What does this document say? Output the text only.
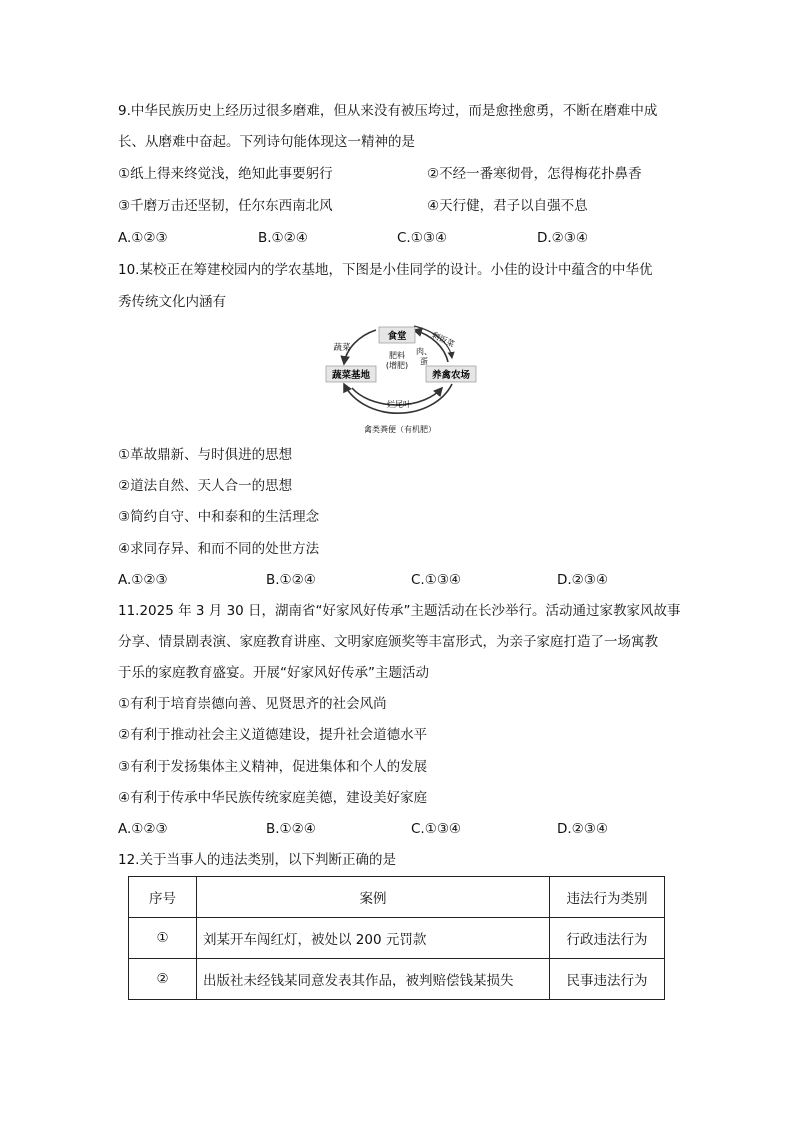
9.中华民族历史上经历过很多磨难，但从来没有被压垮过，而是愈挫愈勇，不断在磨难中成
长、从磨难中奋起。下列诗句能体现这一精神的是
①纸上得来终觉浅，绝知此事要躬行	②不经一番寒彻骨，怎得梅花扑鼻香
③千磨万击还坚韧，任尔东西南北风	④天行健，君子以自强不息
A.①②③	B.①②④	C.①③④	D.②③④
10.某校正在筹建校园内的学农基地，下图是小佳同学的设计。小佳的设计中蕴含的中华优
秀传统文化内涵有
食堂
蔬菜基地	养禽农场
蔬菜	剩饭菜
肉、
蛋
肥料
(增肥)
烂尾叶
禽类粪便（有机肥）
①革故鼎新、与时俱进的思想
②道法自然、天人合一的思想
③简约自守、中和泰和的生活理念
④求同存异、和而不同的处世方法
A.①②③	B.①②④	C.①③④	D.②③④
11.2025 年 3 月 30 日，湖南省“好家风好传承”主题活动在长沙举行。活动通过家教家风故事
分享、情景剧表演、家庭教育讲座、文明家庭颁奖等丰富形式，为亲子家庭打造了一场寓教
于乐的家庭教育盛宴。开展“好家风好传承”主题活动
①有利于培育崇德向善、见贤思齐的社会风尚
②有利于推动社会主义道德建设，提升社会道德水平
③有利于发扬集体主义精神，促进集体和个人的发展
④有利于传承中华民族传统家庭美德，建设美好家庭
A.①②③	B.①②④	C.①③④	D.②③④
12.关于当事人的违法类别，以下判断正确的是
序号	案例	违法行为类别
①	刘某开车闯红灯，被处以 200 元罚款	行政违法行为
②	出版社未经钱某同意发表其作品，被判赔偿钱某损失	民事违法行为
